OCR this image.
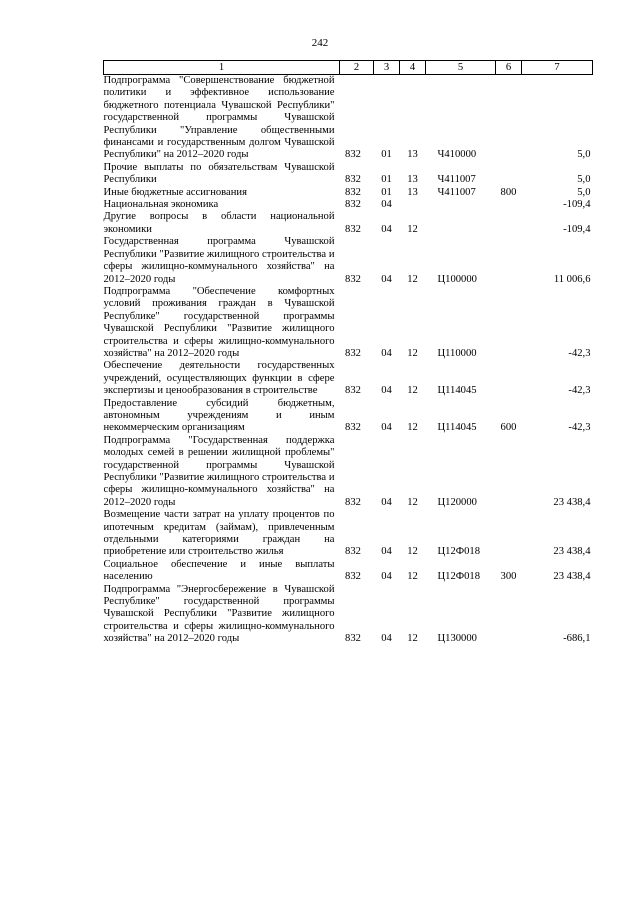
242
1	2	3	4	5	6	7
Подпрограмма "Совершенствование бюджетной политики и эффективное использование бюджетного потенциала Чувашской Республики" государственной программы Чувашской Республики "Управление общественными финансами и государственным долгом Чувашской Республики" на 2012–2020 годы	832	01	13	Ч410000		5,0
Прочие выплаты по обязательствам Чувашской Республики	832	01	13	Ч411007		5,0
Иные бюджетные ассигнования	832	01	13	Ч411007	800	5,0
Национальная экономика	832	04				-109,4
Другие вопросы в области национальной экономики	832	04	12			-109,4
Государственная программа Чувашской Республики "Развитие жилищного строительства и сферы жилищно-коммунального хозяйства" на 2012–2020 годы	832	04	12	Ц100000		11 006,6
Подпрограмма "Обеспечение комфортных условий проживания граждан в Чувашской Республике" государственной программы Чувашской Республики "Развитие жилищного строительства и сферы жилищно-коммунального хозяйства" на 2012–2020 годы	832	04	12	Ц110000		-42,3
Обеспечение деятельности государственных учреждений, осуществляющих функции в сфере экспертизы и ценообразования в строительстве	832	04	12	Ц114045		-42,3
Предоставление субсидий бюджетным, автономным учреждениям и иным некоммерческим организациям	832	04	12	Ц114045	600	-42,3
Подпрограмма "Государственная поддержка молодых семей в решении жилищной проблемы" государственной программы Чувашской Республики "Развитие жилищного строительства и сферы жилищно-коммунального хозяйства" на 2012–2020 годы	832	04	12	Ц120000		23 438,4
Возмещение части затрат на уплату процентов по ипотечным кредитам (займам), привлеченным отдельными категориями граждан на приобретение или строительство жилья	832	04	12	Ц12Ф018		23 438,4
Социальное обеспечение и иные выплаты населению	832	04	12	Ц12Ф018	300	23 438,4
Подпрограмма "Энергосбережение в Чувашской Республике" государственной программы Чувашской Республики "Развитие жилищного строительства и сферы жилищно-коммунального хозяйства" на 2012–2020 годы	832	04	12	Ц130000		-686,1
